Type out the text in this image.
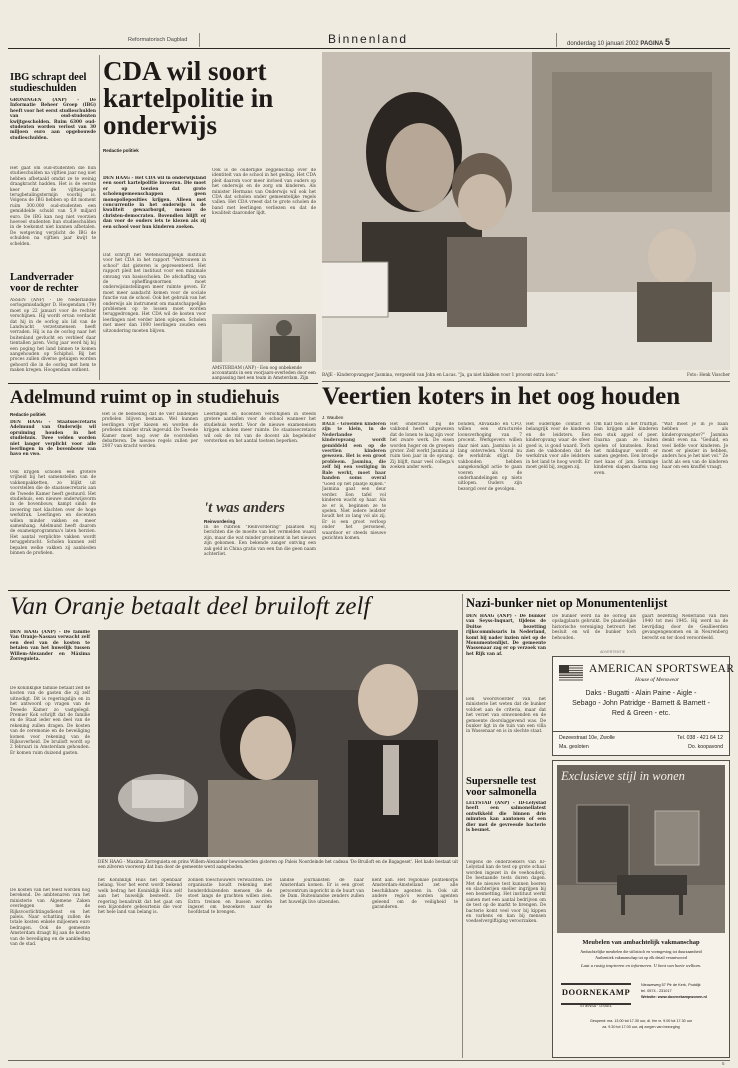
Reformatorisch Dagblad	Binnenland	donderdag 10 januari 2002 PAGINA 5
IBG schrapt deel studieschulden
GRONINGEN (ANP) - De Informatie Beheer Groep (IBG) heeft voor het eerst studieschulden van oud-studenten kwijtgescholden. Ruim 6300 oud-studenten worden verlost van 30 miljoen euro aan opgebouwde studieschulden.
Het gaat om oud-studenten die hun studieschulden na vijftien jaar nog niet hebben afbetaald omdat ze te weinig draagkracht hadden. Het is de eerste keer dat de vijftienjarige terugbetalingstermijn voorbij is. Volgens de IBG hebben op dit moment ruim 300.000 oud-studenten een gemiddelde schuld van 5,9 miljard euro. De IBG kan nog niet voorzien hoeveel studenten hun studieschulden in de toekomst niet kunnen afbetalen. De wetgeving verplicht de IBG de schulden na vijftien jaar kwijt te schelden.
Landverrader voor de rechter
ASSEN (ANP) - De Nederlandse oorlogsmisdadiger D. Hoogendam (79) moet op 22 januari voor de rechter verschijnen. Hij wordt ervan verdacht dat hij in de oorlog als lid van de Landwacht verzetsmensen heeft verraden. Hij is na de oorlog naar het buitenland gevlucht en verbleef daar tientallen jaren. Vorig jaar werd hij bij een poging het land binnen te komen aangehouden op Schiphol. Bij het proces zullen diverse getuigen worden gehoord die in de oorlog met hem te maken kregen. Hoogendam ontkent.
CDA wil soort kartelpolitie in onderwijs
Redactie politiek
DEN HAAG - Het CDA wil in onderwijsland een soort kartelpolitie invoeren. Die moet er op toezien dat grote scholengemeenschappen geen monopolieposities krijgen. Alleen met concurrentie in het onderwijs is de kwaliteit gewaarborgd, menen de christen-democraten. Bovendien blijft er dan voor de ouders iets te kiezen als zij een school voor hun kinderen zoeken.
Dat schrijft het Wetenschappelijk Instituut voor het CDA in het rapport "Vertrouwen in school" dat gisteren is gepresenteerd. Het rapport pleit het instituut voor een minimale omvang van basisscholen. De afschaffing van de opheffingsnormen moet onderwijsinstellingen meer ruimte geven. Er moet meer aandacht komen voor de sociale functie van de school. Ook het gebruik van het onderwijs als instrument om maatschappelijke problemen op te lossen moet worden teruggedrongen. Het CDA wil de kosten voor leerlingen niet verder laten oplopen. Scholen met meer dan 1000 leerlingen zouden een uitzondering moeten blijven.
Ook is de ouderlijke zeggenschap over de identiteit van de school in het geding. Het CDA pleit daarom voor meer invloed van ouders op het onderwijs en de zorg om kinderen. Als minister Hermans van Onderwijs wil ook het CDA dat scholen onder gemeentelijke regels vallen. Het CDA vreest dat te grote scholen de band met leerlingen verliezen en dat de kwaliteit daaronder lijdt.
AMSTERDAM (ANP) - Een oog onbekende accountants in een voorjaars-overleden door een aanpassing met een team in Amsterdam. Zijn
BAJE - Kinderopvangper Jasmina, vergezeld van John en Lucas. "Ja, ga niet klakken voor 1 procent extra loon."	Foto: Henk Visscher
Veertien koters in het oog houden
J. Wauben
BALE - Groeiden kinderen zijn te klein, in de Nederlandse kinderopvang wordt gemiddeld een op de veertien kinderen gewezen. Het is een groot probleem. Jasmina, die zelf bij een vestiging in Bale werkt, moet haar handen soms overal
"Goed op het plaatje kijken." Jasmina gaat een deur verder. Een tafel vol kinderen wacht op haar. Als ze er is, beginnen ze te spelen. Niet iedere leidster houdt het zo lang vol als zij. Er is een groot verloop onder het personeel, waardoor er steeds nieuwe gezichten komen.
Het onderzoek bij de vakbond heeft uitgewezen dat de lonen te laag zijn voor het zware werk. De eisen worden hoger en de groepen groter. Zelf werkt Jasmina al ruim tien jaar in de opvang. Zij blijft, maar veel collega's zoeken ander werk.
bonden, Abvakabo en CFO, willen een structurele loonsverhoging van 7 procent. Werkgevers willen daar niet aan. Jasmina is al lang ontevreden. Vooral nu de werkdruk stijgt. De vakbonden hebben aangekondigd actie te gaan voeren als de onderhandelingen op niets uitlopen. Ouders zijn bezorgd over de gevolgen.
Het ouderlijke contact is belangrijk voor de kinderen en de leidsters. Een kinderopvang waar de sfeer goed is, is goud waard. Toch zien de vakbonden dat de werkdruk voor alle leidsters in het land te hoog wordt. Er moet geld bij, zeggen zij.
Om half tien is het fruittijd. Dan krijgen alle kinderen een stuk appel of peer. Daarna gaan ze buiten spelen of knutselen. Rond het middaguur wordt er samen gegeten. Een broodje met kaas of jam. Sommige kinderen slapen daarna nog even.
"Wat moet je in je baan hebben als kinderopvangster?" Jasmina denkt even na. "Geduld, en veel liefde voor kinderen. Je moet er plezier in hebben, anders hou je het niet vol." Ze lacht als een van de kinderen haar om een knuffel vraagt.
Adelmund ruimt op in studiehuis
Redactie politiek
DEN HAAG - Staatssecretaris Adelmund van Onderwijs wil opruiming houden in het studiehuis. Twee velden worden niet langer verplicht voor alle leerlingen in de bovenbouw van havo en vwo.
Ook krijgen scholen een grotere vrijheid bij het samenstellen van de vakkenpakketten, zo blijkt uit voorstellen die de staatssecretaris aan de Tweede Kamer heeft gestuurd. Het studiehuis, een nieuwe onderwijsvorm in de bovenbouw, kampt sinds de invoering met klachten over de hoge werkdruk. Leerlingen en docenten willen minder vakken en meer samenhang. Adelmund heeft daarom de examenprogramma's laten herzien. Het aantal verplichte vakken wordt teruggebracht. Scholen kunnen zelf bepalen welke vakken zij aanbieden binnen de profielen.
Het is de bedoeling dat de vier landelijke profielen blijven bestaan. Wel kunnen leerlingen vrijer kiezen en worden de profielen minder strak ingevuld. De Tweede Kamer moet nog over de voorstellen debatteren. De nieuwe regels zullen per 2007 van kracht worden.
Leerlingen en docenten verschijnen in steeds grotere aantallen voor de school wanneer het studiehuis werkt. Voor de nieuwe exameneisen krijgen scholen meer ruimte. De staatssecretaris wil ook de rol van de docent als begeleider versterken en het aantal toetsen beperken.
't was anders
Reinvordering
In de rubriek "Reinvordering" plaatsen wij berichten die de moeite van het vermelden waard zijn, maar die wat minder prominent in het nieuws zijn gekomen. Een bekende zanger ontving een zak geld in China gratis van een fan die geen naam achterliet.
Van Oranje betaalt deel bruiloft zelf
DEN HAAG (ANP) - De familie Van Oranje-Nassau verwacht zelf een deel van de kosten te betalen van het huwelijk tussen Willem-Alexander en Máxima Zorreguieta.
De koninklijke familie betaalt zelf de kosten van de gasten die zij zelf uitnodigt. Dit is regeringslijn en in het antwoord op vragen van de Tweede Kamer zo vastgelegd. Premier Kok schrijft dat de familie en de Staat ieder een deel van de rekening zullen dragen. De kosten van de ceremonie en de beveiliging komen voor rekening van de Rijksoverheid. De bruiloft wordt op 2 februari in Amsterdam gehouden. Er komen ruim duizend gasten.
De kosten van het feest worden nog berekend. De ambtenaren van het ministerie van Algemene Zaken overleggen met de Rijksvoorlichtingsdienst en het paleis. Naar schatting zullen de totale kosten enkele miljoenen euro bedragen. Ook de gemeente Amsterdam draagt bij aan de kosten van de beveiliging en de aankleding van de stad.
DEN HAAG - Maxima Zorreguieta en prins Willem-Alexander bewonderden gisteren op Paleis Noordeinde het cadeau 'De Bruiloft en de Bagageset'. Het kado bestaat uit een zilveren voorwerp dat hun door de gemeente werd aangeboden.
het Koninklijk Huis het openbaar belang. Voor het eerst wordt bekend welk bedrag het Koninklijk Huis zelf aan het huwelijk besteedt. De regering benadrukt dat het gaat om een bijzondere gebeurtenis die voor het hele land van belang is.
zonnen toeschouwers verwachten. De organisatie houdt rekening met honderdduizenden mensen die de stoet langs de grachten willen zien. Extra treinen en bussen worden ingezet om bezoekers naar de hoofdstad te brengen.
landse journalisten de naar Amsterdam komen. Er is een groot perscentrum ingericht in de buurt van de Dam. Buitenlandse zenders zullen het huwelijk live uitzenden.
kent aan. Het regionale politiekorps Amsterdam-Amstelland zet alle beschikbare agenten in. Ook uit andere regio's worden agenten geleend om de veiligheid te garanderen.
Nazi-bunker niet op Monumentenlijst
DEN HAAG (ANP) - De bunker van Seyss-Inquart, tijdens de Duitse bezetting rijkscommissaris in Nederland, komt bij nader inzien niet op de Monumentenlijst. De gemeente Wassenaar zag er op verzoek van het Rijk van af.
Een woordvoerder van het ministerie liet weten dat de bunker voldoet aan de criteria, maar dat het verzet van omwonenden en de gemeente doorslaggevend was. De bunker ligt in de tuin van een villa in Wassenaar en is in slechte staat.
De bunker werd na de oorlog als opslagplaats gebruikt. De plaatselijke historische vereniging betreurt het besluit en wil de bunker toch behouden.
gaart bezetting Nederland van mei 1940 tot mei 1945. Hij werd na de bevrijding door de Geallieerden gevangengenomen en in Neurenberg berecht en ter dood veroordeeld.
Supersnelle test voor salmonella
LELYSTAD (ANP) - ID-Lelystad heeft een salmonellatest ontwikkeld die binnen drie minuten kan aantonen of een dier met de gevreesde bacterie is besmet.
Volgens de onderzoekers van ID-Lelystad kan de test op grote schaal worden ingezet in de veehouderij. De bestaande tests duren dagen. Met de nieuwe test kunnen boeren en slachterijen sneller ingrijpen bij een besmetting. Het instituut werkt samen met een aantal bedrijven om de test op de markt te brengen. De bacterie komt veel voor bij kippen en varkens en kan bij mensen voedselvergiftiging veroorzaken.
ADVERTENTIE
AMERICAN SPORTSWEAR
House of Menswear
Daks - Bugatti - Alain Paine - Aigle -
Sebago - John Patridge - Barnett & Barnett -
Red & Green - etc.
Dezeestraat 10e, Zwolle	Tel. 038 - 421 64 12
Ma. gesloten	Do. koopavond
Exclusieve stijl in wonen
Meubelen van ambachtelijk vakmanschap
Ambachtelijke meubelen die stilistisch en vormgeving tot duurzaamheid
Authentiek vakmanschap tot op elk detail verantwoord
Laat u rustig inspireren en informeren. U bent van harte welkom.
DOORNEKAMP
STIENSA · IJSSEL
Nieuweweg 57 Ptr de Kerk, Poddijk
tel. 0574 - 231017
Website: www.doornekampwonen.nl
Geopend: ma. 13.00 tot 17.30 uur, di. t/m vr. 9.00 tot 17.30 uur
za. 9.30 tot 17.00 uur, wij zorgen van bezorging
5
